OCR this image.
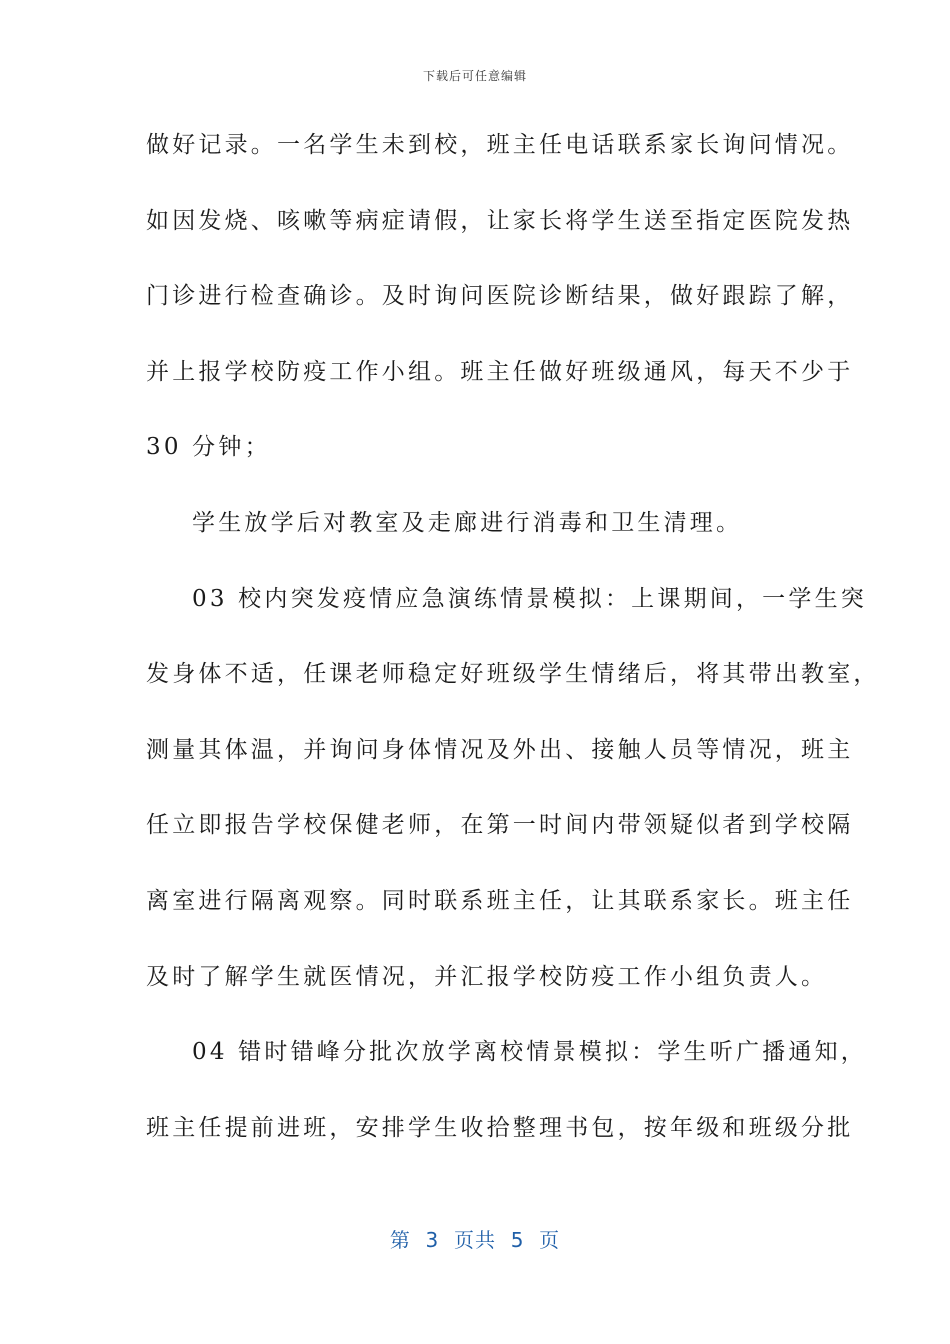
下载后可任意编辑
做好记录。一名学生未到校，班主任电话联系家长询问情况。
如因发烧、咳嗽等病症请假，让家长将学生送至指定医院发热
门诊进行检查确诊。及时询问医院诊断结果，做好跟踪了解，
并上报学校防疫工作小组。班主任做好班级通风，每天不少于
30 分钟；
学生放学后对教室及走廊进行消毒和卫生清理。
03 校内突发疫情应急演练情景模拟：上课期间，一学生突
发身体不适，任课老师稳定好班级学生情绪后，将其带出教室，
测量其体温，并询问身体情况及外出、接触人员等情况，班主
任立即报告学校保健老师，在第一时间内带领疑似者到学校隔
离室进行隔离观察。同时联系班主任，让其联系家长。班主任
及时了解学生就医情况，并汇报学校防疫工作小组负责人。
04 错时错峰分批次放学离校情景模拟：学生听广播通知，
班主任提前进班，安排学生收拾整理书包，按年级和班级分批
第  3  页共  5  页
